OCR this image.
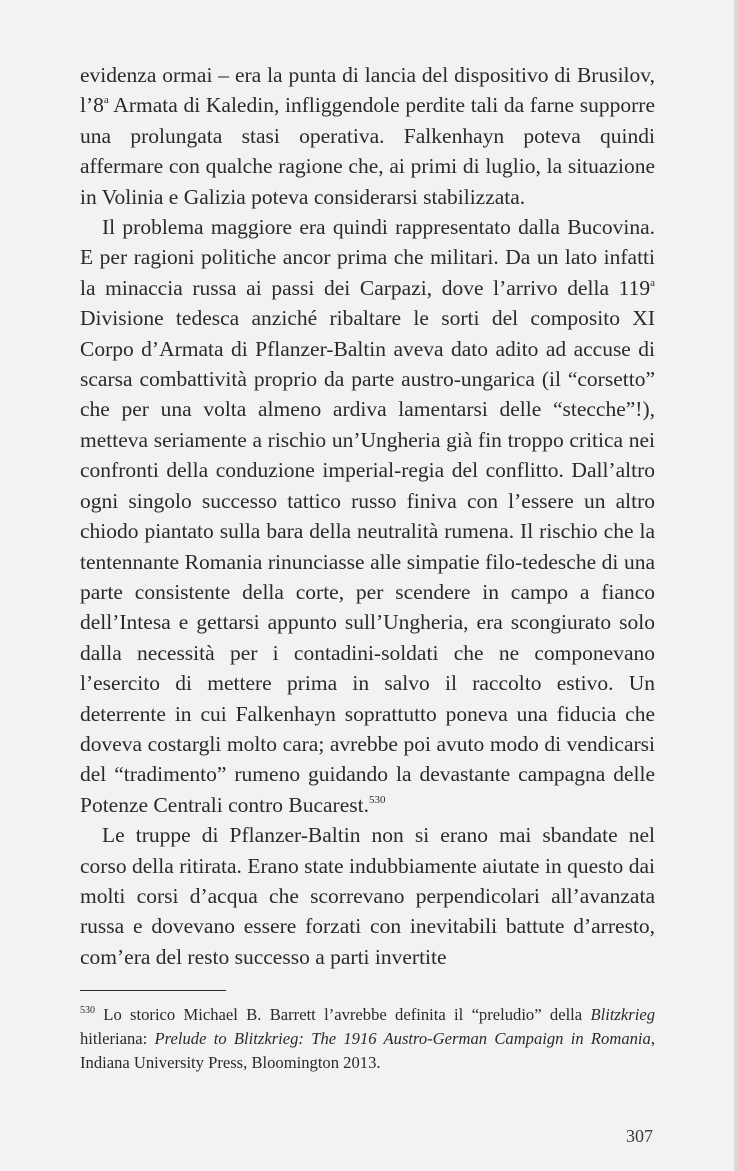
evidenza ormai – era la punta di lancia del dispositivo di Brusilov, l’8$^a$ Armata di Kaledin, infliggendole perdite tali da farne supporre una prolungata stasi operativa. Falkenhayn poteva quindi affermare con qualche ragione che, ai primi di luglio, la situazione in Volinia e Galizia poteva considerarsi stabilizzata.

Il problema maggiore era quindi rappresentato dalla Bucovina. E per ragioni politiche ancor prima che militari. Da un lato infatti la minaccia russa ai passi dei Carpazi, dove l’arrivo della 119$^a$ Divisione tedesca anziché ribaltare le sorti del composito XI Corpo d’Armata di Pflanzer-Baltin aveva dato adito ad accuse di scarsa combattività proprio da parte austro-ungarica (il “corsetto” che per una volta almeno ardiva lamentarsi delle “stecche”!), metteva seriamente a rischio un’Ungheria già fin troppo critica nei confronti della conduzione imperial-regia del conflitto. Dall’altro ogni singolo successo tattico russo finiva con l’essere un altro chiodo piantato sulla bara della neutralità rumena. Il rischio che la tentennante Romania rinunciasse alle simpatie filo-tedesche di una parte consistente della corte, per scendere in campo a fianco dell’Intesa e gettarsi appunto sull’Ungheria, era scongiurato solo dalla necessità per i contadini-soldati che ne componevano l’esercito di mettere prima in salvo il raccolto estivo. Un deterrente in cui Falkenhayn soprattutto poneva una fiducia che doveva costargli molto cara; avrebbe poi avuto modo di vendicarsi del “tradimento” rumeno guidando la devastante campagna delle Potenze Centrali contro Bucarest.$^{530}$

Le truppe di Pflanzer-Baltin non si erano mai sbandate nel corso della ritirata. Erano state indubbiamente aiutate in questo dai molti corsi d’acqua che scorrevano perpendicolari all’avanzata russa e dovevano essere forzati con inevitabili battute d’arresto, com’era del resto successo a parti invertite

$^{530}$ Lo storico Michael B. Barrett l’avrebbe definita il “preludio” della Blitzkrieg hitleriana: Prelude to Blitzkrieg: The 1916 Austro-German Campaign in Romania, Indiana University Press, Bloomington 2013.

307
